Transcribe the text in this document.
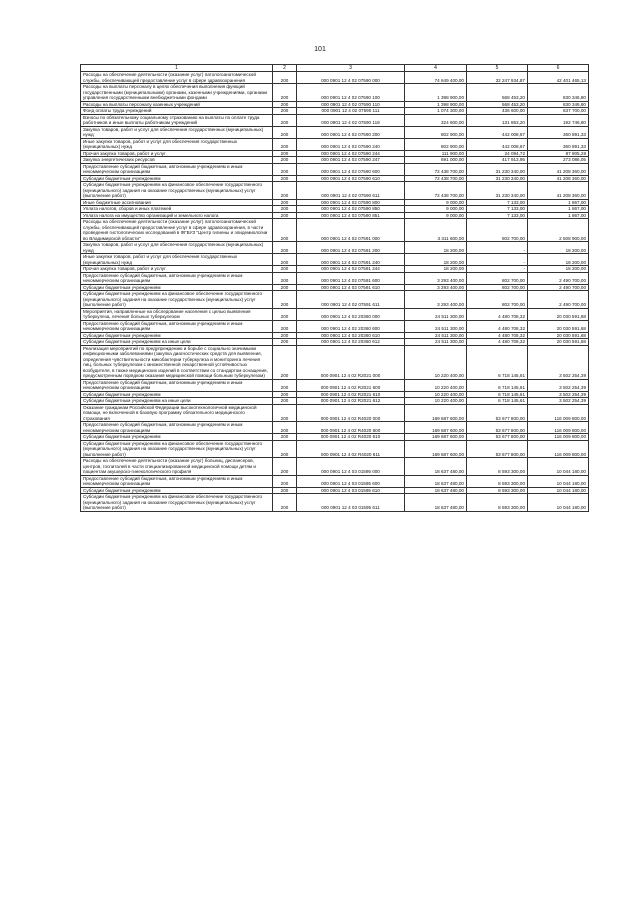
101
1	2	3	4	5	6
Расходы на обеспечение деятельности (оказание услуг) патологоанатомической службы, обеспечивающей предоставление услуг в сфере здравоохранения	200	000 0901 12 4 02 07590 000	74 649 400,00	32 247 934,87	42 401 465,13
Расходы на выплаты персоналу в целях обеспечения выполнения функций государственными (муниципальными) органами, казенными учреждениями, органами управления государственными внебюджетными фондами	200	000 0901 12 4 02 07590 100	1 398 900,00	568 453,20	830 346,80
Расходы на выплаты персоналу казенных учреждений	200	000 0901 12 4 02 07590 110	1 398 900,00	568 453,20	830 346,80
Фонд оплаты труда учреждений	200	000 0901 12 4 02 07590 111	1 074 300,00	436 600,00	637 700,00
Взносы по обязательному социальному страхованию на выплаты по оплате труда работников и иные выплаты работникам учреждений	200	000 0901 12 4 02 07590 119	324 600,00	131 853,20	192 746,80
Закупка товаров, работ и услуг для обеспечения государственных (муниципальных) нужд	200	000 0901 12 4 02 07590 200	802 900,00	442 008,67	360 891,33
Иные закупки товаров, работ и услуг для обеспечения государственных (муниципальных) нужд	200	000 0901 12 4 02 07590 240	802 900,00	442 008,67	360 891,33
Прочая закупка товаров, работ и услуг	200	000 0901 12 4 02 07590 244	111 900,00	24 094,72	87 805,28
Закупка энергетических ресурсов	200	000 0901 12 4 02 07590 247	691 000,00	417 913,95	273 086,05
Предоставление субсидий бюджетным, автономным учреждениям и иным некоммерческим организациям	200	000 0901 12 4 02 07590 600	72 438 700,00	31 230 340,00	41 208 360,00
Субсидии бюджетным учреждениям	200	000 0901 12 4 02 07590 610	72 438 700,00	31 230 340,00	41 208 360,00
Субсидии бюджетным учреждениям на финансовое обеспечение государственного (муниципального) задания на оказание государственных (муниципальных) услуг (выполнение работ)	200	000 0901 12 4 02 07590 611	72 438 700,00	31 230 340,00	41 208 360,00
Иные бюджетные ассигнования	200	000 0901 12 4 02 07590 800	9 000,00	7 133,00	1 867,00
Уплата налогов, сборов и иных платежей	200	000 0901 12 4 02 07590 850	9 000,00	7 133,00	1 867,00
Уплата налога на имущество организаций и земельного налога	200	000 0901 12 4 02 07590 851	9 000,00	7 133,00	1 867,00
Расходы на обеспечение деятельности (оказание услуг) патологоанатомической службы, обеспечивающей предоставление услуг в сфере здравоохранения, в части проведения гистологических исследований в ФГБУЗ "Центр гигиены и эпидемиологии во Владимирской области"	200	000 0901 12 4 02 07591 000	3 311 600,00	802 700,00	2 508 900,00
Закупка товаров, работ и услуг для обеспечения государственных (муниципальных) нужд	200	000 0901 12 4 02 07591 200	18 200,00	-	18 200,00
Иные закупки товаров, работ и услуг для обеспечения государственных (муниципальных) нужд	200	000 0901 12 4 02 07591 240	18 200,00	-	18 200,00
Прочая закупка товаров, работ и услуг	200	000 0901 12 4 02 07591 244	18 200,00	-	18 200,00
Предоставление субсидий бюджетным, автономным учреждениям и иным некоммерческим организациям	200	000 0901 12 4 02 07591 600	3 293 400,00	802 700,00	2 490 700,00
Субсидии бюджетным учреждениям	200	000 0901 12 4 02 07591 610	3 293 400,00	802 700,00	2 490 700,00
Субсидии бюджетным учреждениям на финансовое обеспечение государственного (муниципального) задания на оказание государственных (муниципальных) услуг (выполнение работ)	200	000 0901 12 4 02 07591 611	3 293 400,00	802 700,00	2 490 700,00
Мероприятия, направленные на обследование населения с целью выявления туберкулеза, лечения больных туберкулезом	200	000 0901 12 4 02 20360 000	24 511 300,00	4 480 708,32	20 030 591,68
Предоставление субсидий бюджетным, автономным учреждениям и иным некоммерческим организациям	200	000 0901 12 4 02 20360 600	24 511 300,00	4 480 708,32	20 030 591,68
Субсидии бюджетным учреждениям	200	000 0901 12 4 02 20360 610	24 511 300,00	4 480 708,32	20 030 591,68
Субсидии бюджетным учреждениям на иные цели	200	000 0901 12 4 02 20360 612	24 511 300,00	4 480 708,32	20 030 591,68
Реализация мероприятий по предупреждению и борьбе с социально значимыми инфекционными заболеваниями (закупка диагностических средств для выявления, определения чувствительности микобактерии туберкулеза и мониторинга лечения лиц, больных туберкулезом с множественной лекарственной устойчивостью возбудителя, в также медицинских изделий в соответствии со стандартом оснащения, предусмотренным порядком оказания медицинской помощи больным туберкулезом)	200	000 0901 12 4 02 R2021 000	10 220 400,00	6 718 145,61	3 502 254,39
Предоставление субсидий бюджетным, автономным учреждениям и иным некоммерческим организациям	200	000 0901 12 4 02 R2021 600	10 220 400,00	6 718 145,61	3 502 254,39
Субсидии бюджетным учреждениям	200	000 0901 12 4 02 R2021 610	10 220 400,00	6 718 145,61	3 502 254,39
Субсидии бюджетным учреждениям на иные цели	200	000 0901 12 4 02 R2021 612	10 220 400,00	6 718 145,61	3 502 254,39
Оказание гражданам Российской Федерации высокотехнологичной медицинской помощи, не включенной в базовую программу обязательного медицинского страхования	200	000 0901 12 4 02 R4020 000	169 687 600,00	53 677 800,00	116 009 800,00
Предоставление субсидий бюджетным, автономным учреждениям и иным некоммерческим организациям	200	000 0901 12 4 02 R4020 600	169 687 600,00	53 677 800,00	116 009 800,00
Субсидии бюджетным учреждениям	200	000 0901 12 4 02 R4020 610	169 687 600,00	53 677 800,00	116 009 800,00
Субсидии бюджетным учреждениям на финансовое обеспечение государственного (муниципального) задания на оказание государственных (муниципальных) услуг (выполнение работ)	200	000 0901 12 4 02 R4020 611	169 687 600,00	53 677 800,00	116 009 800,00
Расходы на обеспечение деятельности (оказание услуг) больниц, диспансеров, центров, госпиталей в части специализированной медицинской помощи детям и пациентам акушерско-гинекологического профиля	200	000 0901 12 4 03 01595 000	18 637 480,00	8 593 300,00	10 044 180,00
Предоставление субсидий бюджетным, автономным учреждениям и иным некоммерческим организациям	200	000 0901 12 4 03 01595 600	18 637 480,00	8 593 300,00	10 044 180,00
Субсидии бюджетным учреждениям	200	000 0901 12 4 03 01595 610	18 637 480,00	8 593 300,00	10 044 180,00
Субсидии бюджетным учреждениям на финансовое обеспечение государственного (муниципального) задания на оказание государственных (муниципальных) услуг (выполнение работ)	200	000 0901 12 4 03 01595 611	18 637 480,00	8 593 300,00	10 044 180,00
